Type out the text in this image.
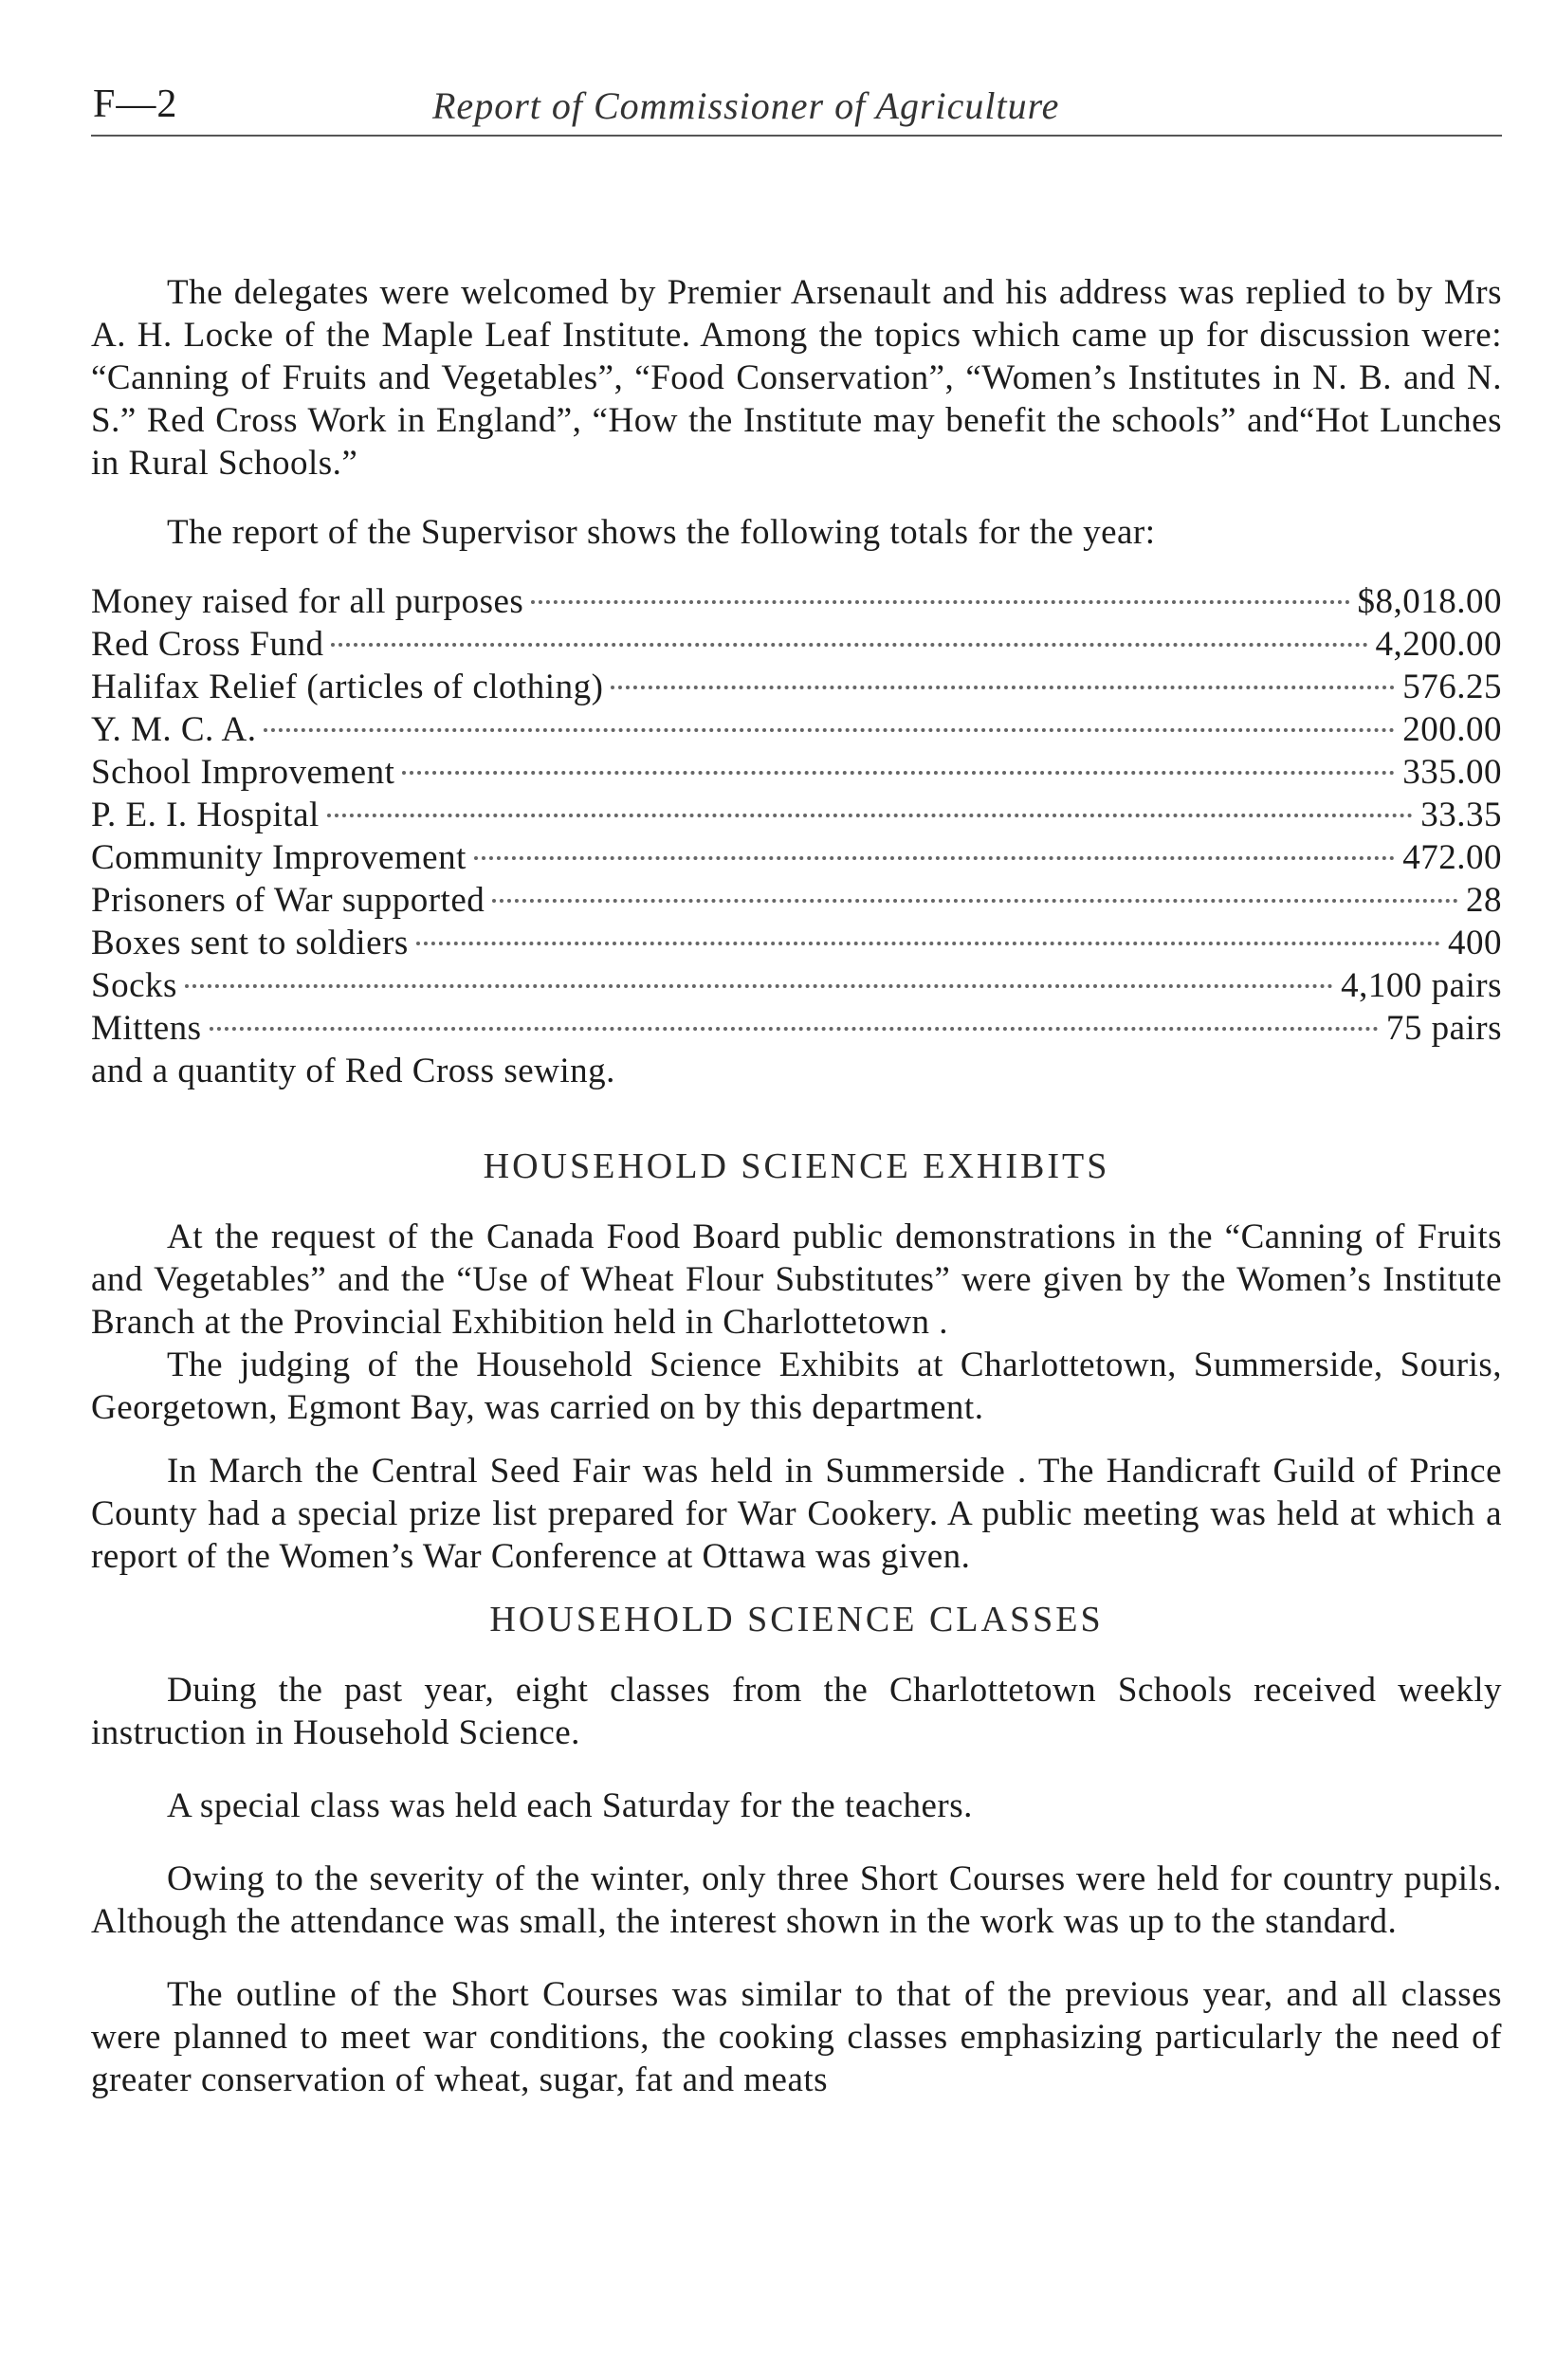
F—2	Report of Commissioner of Agriculture

The delegates were welcomed by Premier Arsenault and his address was replied to by Mrs A. H. Locke of the Maple Leaf Institute. Among the topics which came up for discussion were: “Canning of Fruits and Vegetables”, “Food Conservation”, “Women’s Institutes in N. B. and N. S.” Red Cross Work in England”, “How the Institute may benefit the schools” and“Hot Lunches in Rural Schools.”

The report of the Supervisor shows the following totals for the year:

Money raised for all purposes	$8,018.00
Red Cross Fund	4,200.00
Halifax Relief (articles of clothing)	576.25
Y. M. C. A.	200.00
School Improvement	335.00
P. E. I. Hospital	33.35
Community Improvement	472.00
Prisoners of War supported	28
Boxes sent to soldiers	400
Socks	4,100 pairs
Mittens	75 pairs
and a quantity of Red Cross sewing.
HOUSEHOLD SCIENCE EXHIBITS

At the request of the Canada Food Board public demonstrations in the “Canning of Fruits and Vegetables” and the “Use of Wheat Flour Substitutes” were given by the Women’s Institute Branch at the Provincial Exhibition held in Charlottetown .

The judging of the Household Science Exhibits at Charlottetown, Summerside, Souris, Georgetown, Egmont Bay, was carried on by this department.

In March the Central Seed Fair was held in Summerside . The Handicraft Guild of Prince County had a special prize list prepared for War Cookery. A public meeting was held at which a report of the Women’s War Conference at Ottawa was given.

HOUSEHOLD SCIENCE CLASSES

Duing the past year, eight classes from the Charlottetown Schools received weekly instruction in Household Science.

A special class was held each Saturday for the teachers.

Owing to the severity of the winter, only three Short Courses were held for country pupils. Although the attendance was small, the interest shown in the work was up to the standard.

The outline of the Short Courses was similar to that of the previous year, and all classes were planned to meet war conditions, the cooking classes emphasizing particularly the need of greater conservation of wheat, sugar, fat and meats
